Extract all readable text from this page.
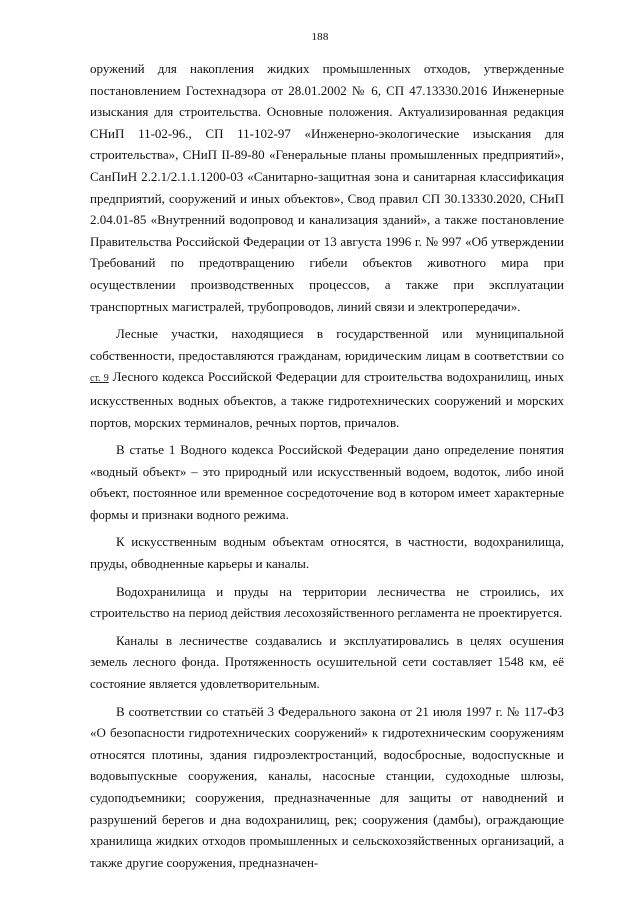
188

оружений для накопления жидких промышленных отходов, утвержденные постановлением Гостехнадзора от 28.01.2002 № 6, СП 47.13330.2016 Инженерные изыскания для строительства. Основные положения. Актуализированная редакция СНиП 11-02-96., СП 11-102-97 «Инженерно-экологические изыскания для строительства», СНиП II-89-80 «Генеральные планы промышленных предприятий», СанПиН 2.2.1/2.1.1.1200-03 «Санитарно-защитная зона и санитарная классификация предприятий, сооружений и иных объектов», Свод правил СП 30.13330.2020, СНиП 2.04.01-85 «Внутренний водопровод и канализация зданий», а также постановление Правительства Российской Федерации от 13 августа 1996 г. № 997 «Об утверждении Требований по предотвращению гибели объектов животного мира при осуществлении производственных процессов, а также при эксплуатации транспортных магистралей, трубопроводов, линий связи и электропередачи».

Лесные участки, находящиеся в государственной или муниципальной собственности, предоставляются гражданам, юридическим лицам в соответствии со ст. 9 Лесного кодекса Российской Федерации для строительства водохранилищ, иных искусственных водных объектов, а также гидротехнических сооружений и морских портов, морских терминалов, речных портов, причалов.

В статье 1 Водного кодекса Российской Федерации дано определение понятия «водный объект» – это природный или искусственный водоем, водоток, либо иной объект, постоянное или временное сосредоточение вод в котором имеет характерные формы и признаки водного режима.

К искусственным водным объектам относятся, в частности, водохранилища, пруды, обводненные карьеры и каналы.

Водохранилища и пруды на территории лесничества не строились, их строительство на период действия лесохозяйственного регламента не проектируется.

Каналы в лесничестве создавались и эксплуатировались в целях осушения земель лесного фонда. Протяженность осушительной сети составляет 1548 км, её состояние является удовлетворительным.

В соответствии со статьёй 3 Федерального закона от 21 июля 1997 г. № 117-ФЗ «О безопасности гидротехнических сооружений» к гидротехническим сооружениям относятся плотины, здания гидроэлектростанций, водосбросные, водоспускные и водовыпускные сооружения, каналы, насосные станции, судоходные шлюзы, судоподъемники; сооружения, предназначенные для защиты от наводнений и разрушений берегов и дна водохранилищ, рек; сооружения (дамбы), ограждающие хранилища жидких отходов промышленных и сельскохозяйственных организаций, а также другие сооружения, предназначен-
